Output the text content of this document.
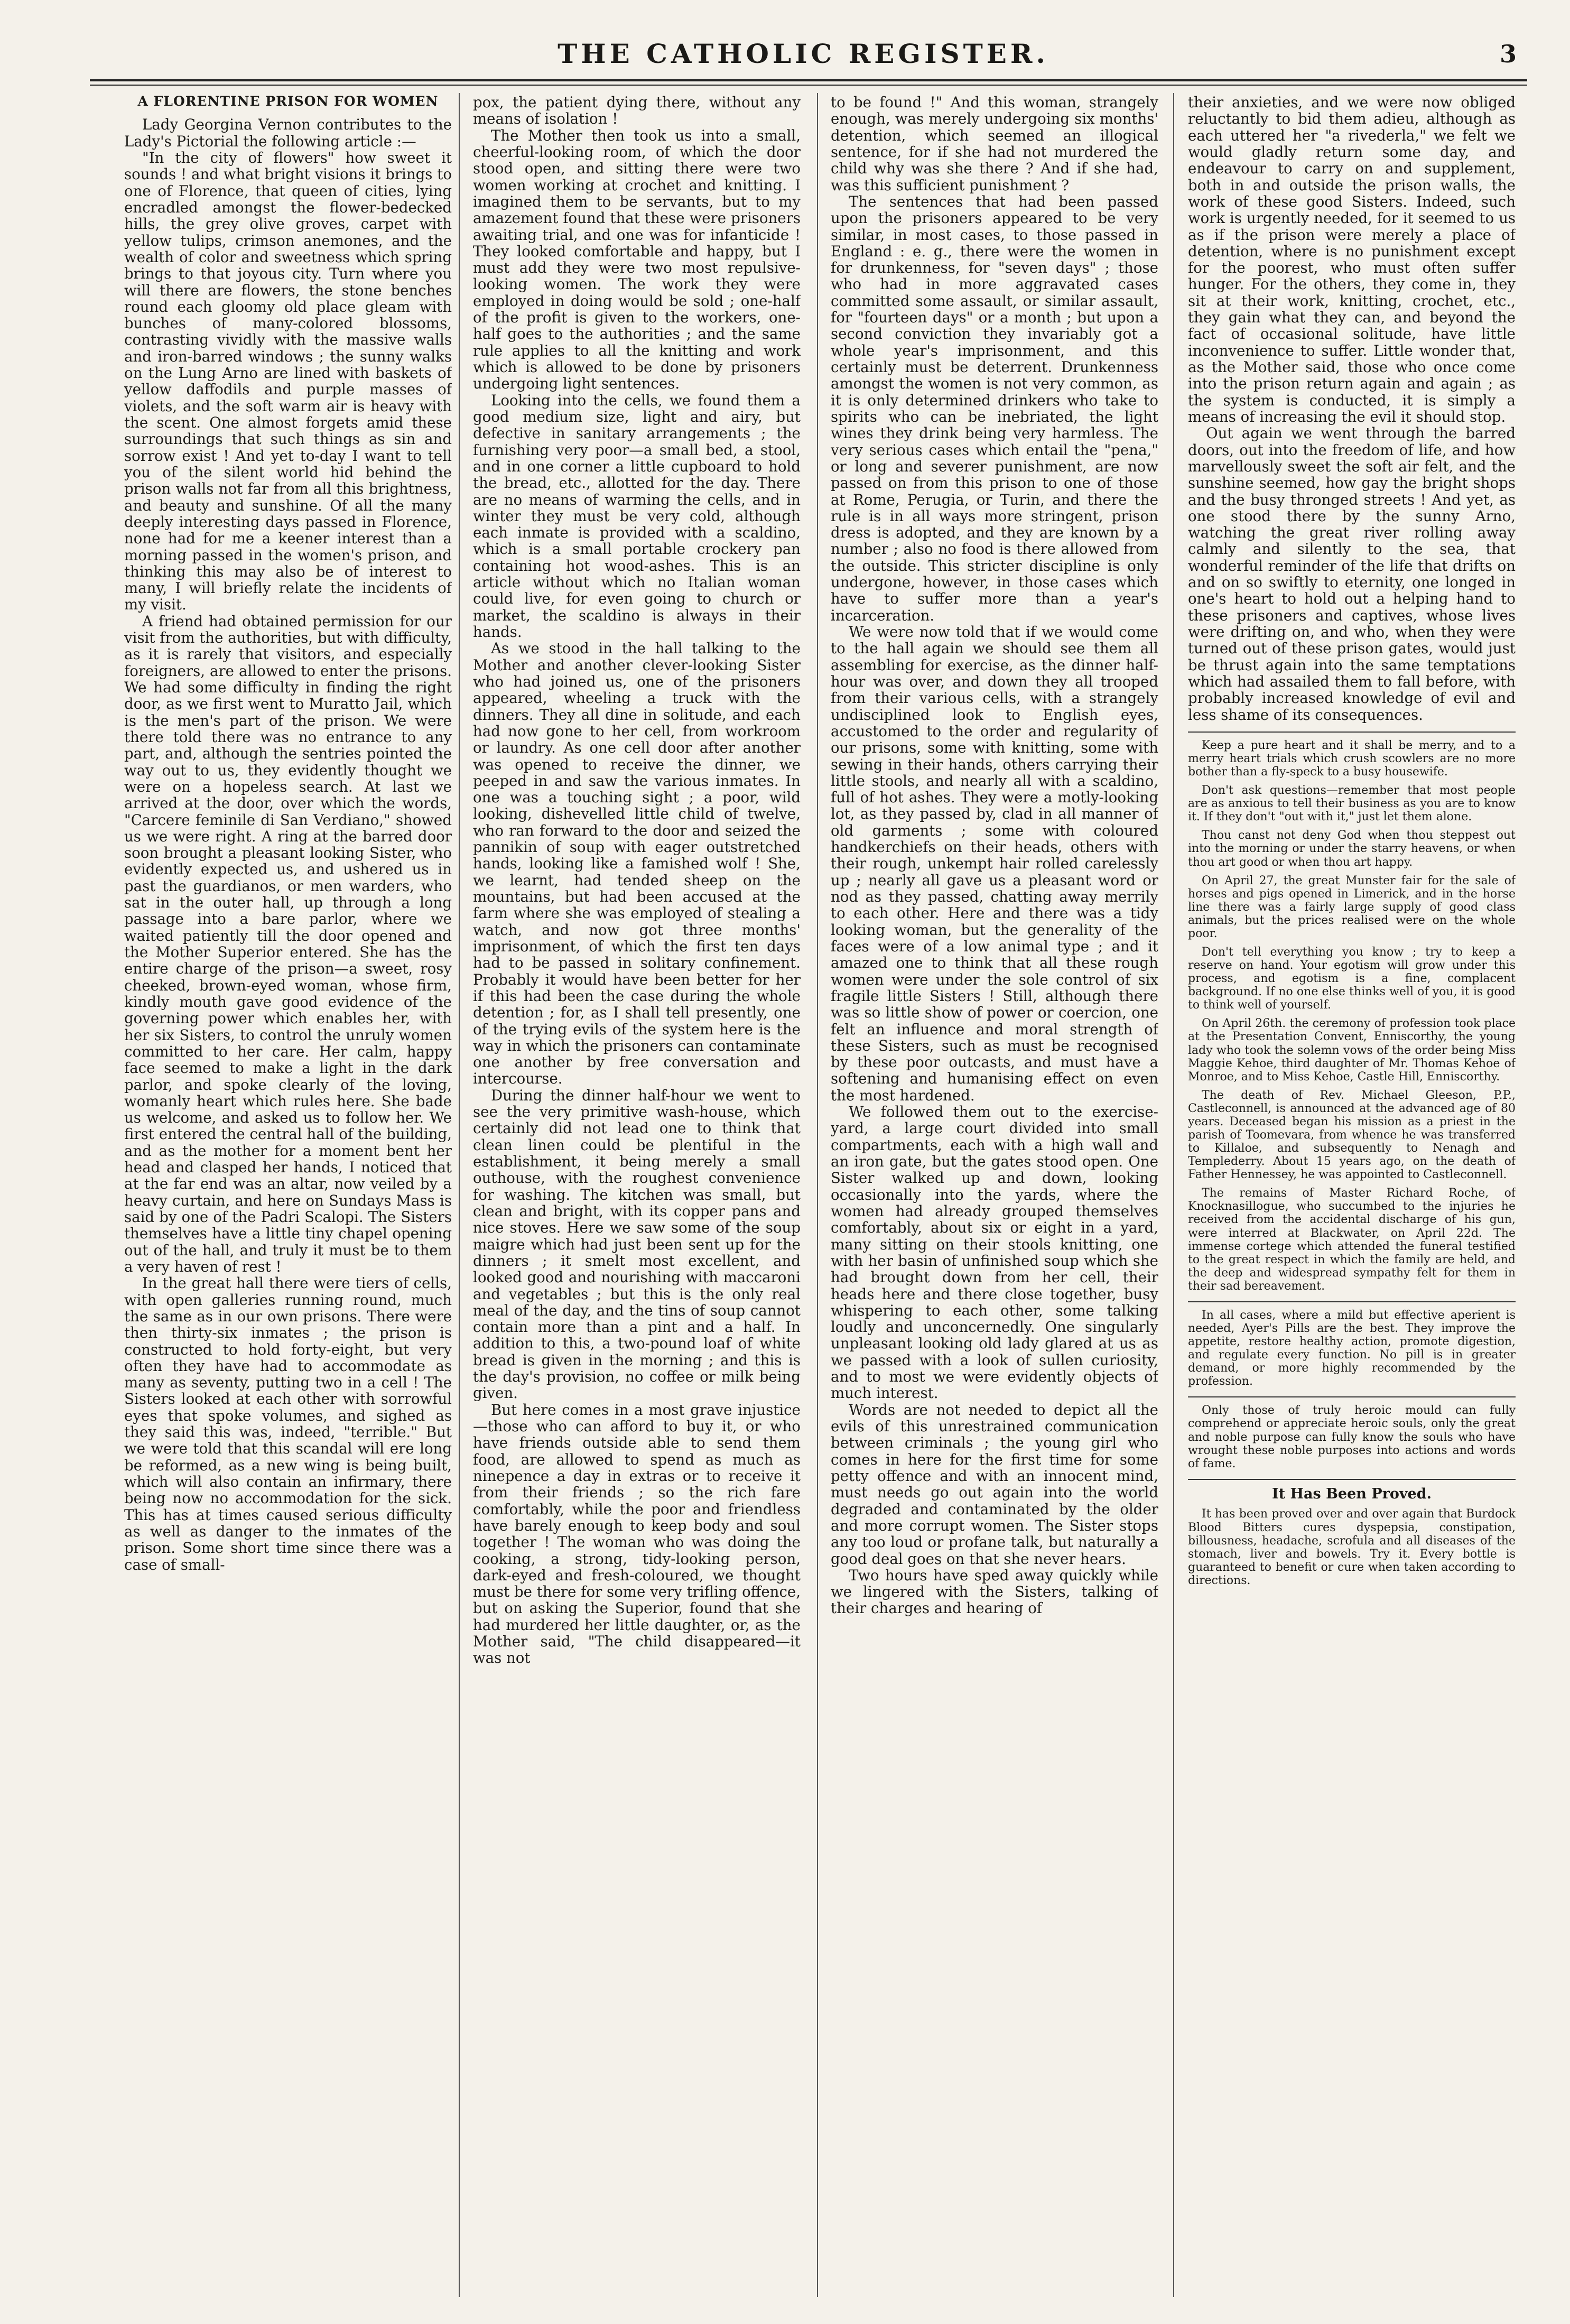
THE CATHOLIC REGISTER.	3
A FLORENTINE PRISON FOR WOMEN

Lady Georgina Vernon contributes to the Lady's Pictorial the following article :—

"In the city of flowers" how sweet it sounds ! and what bright visions it brings to one of Florence, that queen of cities, lying encradled amongst the flower-bedecked hills, the grey olive groves, carpet with yellow tulips, crimson anemones, and the wealth of color and sweetness which spring brings to that joyous city. Turn where you will there are flowers, the stone benches round each gloomy old place gleam with bunches of many-colored blossoms, contrasting vividly with the massive walls and iron-barred windows ; the sunny walks on the Lung Arno are lined with baskets of yellow daffodils and purple masses of violets, and the soft warm air is heavy with the scent. One almost forgets amid these surroundings that such things as sin and sorrow exist ! And yet to-day I want to tell you of the silent world hid behind the prison walls not far from all this brightness, and beauty and sunshine. Of all the many deeply interesting days passed in Florence, none had for me a keener interest than a morning passed in the women's prison, and thinking this may also be of interest to many, I will briefly relate the incidents of my visit.

A friend had obtained permission for our visit from the authorities, but with difficulty, as it is rarely that visitors, and especially foreigners, are allowed to enter the prisons. We had some difficulty in finding the right door, as we first went to Muratto Jail, which is the men's part of the prison. We were there told there was no entrance to any part, and, although the sentries pointed the way out to us, they evidently thought we were on a hopeless search. At last we arrived at the door, over which the words, "Carcere feminile di San Verdiano," showed us we were right. A ring at the barred door soon brought a pleasant looking Sister, who evidently expected us, and ushered us in past the guardianos, or men warders, who sat in the outer hall, up through a long passage into a bare parlor, where we waited patiently till the door opened and the Mother Superior entered. She has the entire charge of the prison—a sweet, rosy cheeked, brown-eyed woman, whose firm, kindly mouth gave good evidence of the governing power which enables her, with her six Sisters, to control the unruly women committed to her care. Her calm, happy face seemed to make a light in the dark parlor, and spoke clearly of the loving, womanly heart which rules here. She bade us welcome, and asked us to follow her. We first entered the central hall of the building, and as the mother for a moment bent her head and clasped her hands, I noticed that at the far end was an altar, now veiled by a heavy curtain, and here on Sundays Mass is said by one of the Padri Scalopi. The Sisters themselves have a little tiny chapel opening out of the hall, and truly it must be to them a very haven of rest !

In the great hall there were tiers of cells, with open galleries running round, much the same as in our own prisons. There were then thirty-six inmates ; the prison is constructed to hold forty-eight, but very often they have had to accommodate as many as seventy, putting two in a cell ! The Sisters looked at each other with sorrowful eyes that spoke volumes, and sighed as they said this was, indeed, "terrible." But we were told that this scandal will ere long be reformed, as a new wing is being built, which will also contain an infirmary, there being now no accommodation for the sick. This has at times caused serious difficulty as well as danger to the inmates of the prison. Some short time since there was a case of small-

pox, the patient dying there, without any means of isolation !

The Mother then took us into a small, cheerful-looking room, of which the door stood open, and sitting there were two women working at crochet and knitting. I imagined them to be servants, but to my amazement found that these were prisoners awaiting trial, and one was for infanticide ! They looked comfortable and happy, but I must add they were two most repulsive-looking women. The work they were employed in doing would be sold ; one-half of the profit is given to the workers, one-half goes to the authorities ; and the same rule applies to all the knitting and work which is allowed to be done by prisoners undergoing light sentences.

Looking into the cells, we found them a good medium size, light and airy, but defective in sanitary arrangements ; the furnishing very poor—a small bed, a stool, and in one corner a little cupboard to hold the bread, etc., allotted for the day. There are no means of warming the cells, and in winter they must be very cold, although each inmate is provided with a scaldino, which is a small portable crockery pan containing hot wood-ashes. This is an article without which no Italian woman could live, for even going to church or market, the scaldino is always in their hands.

As we stood in the hall talking to the Mother and another clever-looking Sister who had joined us, one of the prisoners appeared, wheeling a truck with the dinners. They all dine in solitude, and each had now gone to her cell, from workroom or laundry. As one cell door after another was opened to receive the dinner, we peeped in and saw the various inmates. In one was a touching sight ; a poor, wild looking, dishevelled little child of twelve, who ran forward to the door and seized the pannikin of soup with eager outstretched hands, looking like a famished wolf ! She, we learnt, had tended sheep on the mountains, but had been accused at the farm where she was employed of stealing a watch, and now got three months' imprisonment, of which the first ten days had to be passed in solitary confinement. Probably it would have been better for her if this had been the case during the whole detention ; for, as I shall tell presently, one of the trying evils of the system here is the way in which the prisoners can contaminate one another by free conversation and intercourse.

During the dinner half-hour we went to see the very primitive wash-house, which certainly did not lead one to think that clean linen could be plentiful in the establishment, it being merely a small outhouse, with the roughest convenience for washing. The kitchen was small, but clean and bright, with its copper pans and nice stoves. Here we saw some of the soup maigre which had just been sent up for the dinners ; it smelt most excellent, and looked good and nourishing with maccaroni and vegetables ; but this is the only real meal of the day, and the tins of soup cannot contain more than a pint and a half. In addition to this, a two-pound loaf of white bread is given in the morning ; and this is the day's provision, no coffee or milk being given.

But here comes in a most grave injustice—those who can afford to buy it, or who have friends outside able to send them food, are allowed to spend as much as ninepence a day in extras or to receive it from their friends ; so the rich fare comfortably, while the poor and friendless have barely enough to keep body and soul together ! The woman who was doing the cooking, a strong, tidy-looking person, dark-eyed and fresh-coloured, we thought must be there for some very trifling offence, but on asking the Superior, found that she had murdered her little daughter, or, as the Mother said, "The child disappeared—it was not

to be found !" And this woman, strangely enough, was merely undergoing six months' detention, which seemed an illogical sentence, for if she had not murdered the child why was she there ? And if she had, was this sufficient punishment ?

The sentences that had been passed upon the prisoners appeared to be very similar, in most cases, to those passed in England : e. g., there were the women in for drunkenness, for "seven days" ; those who had in more aggravated cases committed some assault, or similar assault, for "fourteen days" or a month ; but upon a second conviction they invariably got a whole year's imprisonment, and this certainly must be deterrent. Drunkenness amongst the women is not very common, as it is only determined drinkers who take to spirits who can be inebriated, the light wines they drink being very harmless. The very serious cases which entail the "pena," or long and severer punishment, are now passed on from this prison to one of those at Rome, Perugia, or Turin, and there the rule is in all ways more stringent, prison dress is adopted, and they are known by a number ; also no food is there allowed from the outside. This stricter discipline is only undergone, however, in those cases which have to suffer more than a year's incarceration.

We were now told that if we would come to the hall again we should see them all assembling for exercise, as the dinner half-hour was over, and down they all trooped from their various cells, with a strangely undisciplined look to English eyes, accustomed to the order and regularity of our prisons, some with knitting, some with sewing in their hands, others carrying their little stools, and nearly all with a scaldino, full of hot ashes. They were a motly-looking lot, as they passed by, clad in all manner of old garments ; some with coloured handkerchiefs on their heads, others with their rough, unkempt hair rolled carelessly up ; nearly all gave us a pleasant word or nod as they passed, chatting away merrily to each other. Here and there was a tidy looking woman, but the generality of the faces were of a low animal type ; and it amazed one to think that all these rough women were under the sole control of six fragile little Sisters ! Still, although there was so little show of power or coercion, one felt an influence and moral strength of these Sisters, such as must be recognised by these poor outcasts, and must have a softening and humanising effect on even the most hardened.

We followed them out to the exercise-yard, a large court divided into small compartments, each with a high wall and an iron gate, but the gates stood open. One Sister walked up and down, looking occasionally into the yards, where the women had already grouped themselves comfortably, about six or eight in a yard, many sitting on their stools knitting, one with her basin of unfinished soup which she had brought down from her cell, their heads here and there close together, busy whispering to each other, some talking loudly and unconcernedly. One singularly unpleasant looking old lady glared at us as we passed with a look of sullen curiosity, and to most we were evidently objects of much interest.

Words are not needed to depict all the evils of this unrestrained communication between criminals ; the young girl who comes in here for the first time for some petty offence and with an innocent mind, must needs go out again into the world degraded and contaminated by the older and more corrupt women. The Sister stops any too loud or profane talk, but naturally a good deal goes on that she never hears.

Two hours have sped away quickly while we lingered with the Sisters, talking of their charges and hearing of

their anxieties, and we were now obliged reluctantly to bid them adieu, although as each uttered her "a rivederla," we felt we would gladly return some day, and endeavour to carry on and supplement, both in and outside the prison walls, the work of these good Sisters. Indeed, such work is urgently needed, for it seemed to us as if the prison were merely a place of detention, where is no punishment except for the poorest, who must often suffer hunger. For the others, they come in, they sit at their work, knitting, crochet, etc., they gain what they can, and beyond the fact of occasional solitude, have little inconvenience to suffer. Little wonder that, as the Mother said, those who once come into the prison return again and again ; as the system is conducted, it is simply a means of increasing the evil it should stop.

Out again we went through the barred doors, out into the freedom of life, and how marvellously sweet the soft air felt, and the sunshine seemed, how gay the bright shops and the busy thronged streets ! And yet, as one stood there by the sunny Arno, watching the great river rolling away calmly and silently to the sea, that wonderful reminder of the life that drifts on and on so swiftly to eternity, one longed in one's heart to hold out a helping hand to these prisoners and captives, whose lives were drifting on, and who, when they were turned out of these prison gates, would just be thrust again into the same temptations which had assailed them to fall before, with probably increased knowledge of evil and less shame of its consequences.

Keep a pure heart and it shall be merry, and to a merry heart trials which crush scowlers are no more bother than a fly-speck to a busy housewife.

Don't ask questions—remember that most people are as anxious to tell their business as you are to know it. If they don't "out with it," just let them alone.

Thou canst not deny God when thou steppest out into the morning or under the starry heavens, or when thou art good or when thou art happy.

On April 27, the great Munster fair for the sale of horses and pigs opened in Limerick, and in the horse line there was a fairly large supply of good class animals, but the prices realised were on the whole poor.

Don't tell everything you know ; try to keep a reserve on hand. Your egotism will grow under this process, and egotism is a fine, complacent background. If no one else thinks well of you, it is good to think well of yourself.

On April 26th. the ceremony of profession took place at the Presentation Convent, Enniscorthy, the young lady who took the solemn vows of the order being Miss Maggie Kehoe, third daughter of Mr. Thomas Kehoe of Monroe, and to Miss Kehoe, Castle Hill, Enniscorthy.

The death of Rev. Michael Gleeson, P.P., Castleconnell, is announced at the advanced age of 80 years. Deceased began his mission as a priest in the parish of Toomevara, from whence he was transferred to Killaloe, and subsequently to Nenagh and Templederry. About 15 years ago, on the death of Father Hennessey, he was appointed to Castleconnell.

The remains of Master Richard Roche, of Knocknasillogue, who succumbed to the injuries he received from the accidental discharge of his gun, were interred at Blackwater, on April 22d. The immense cortege which attended the funeral testified to the great respect in which the family are held, and the deep and widespread sympathy felt for them in their sad bereavement.

In all cases, where a mild but effective aperient is needed, Ayer's Pills are the best. They improve the appetite, restore healthy action, promote digestion, and regulate every function. No pill is in greater demand, or more highly recommended by the profession.

Only those of truly heroic mould can fully comprehend or appreciate heroic souls, only the great and noble purpose can fully know the souls who have wrought these noble purposes into actions and words of fame.

It Has Been Proved.

It has been proved over and over again that Burdock Blood Bitters cures dyspepsia, constipation, billousness, headache, scrofula and all diseases of the stomach, liver and bowels. Try it. Every bottle is guaranteed to benefit or cure when taken according to directions.
